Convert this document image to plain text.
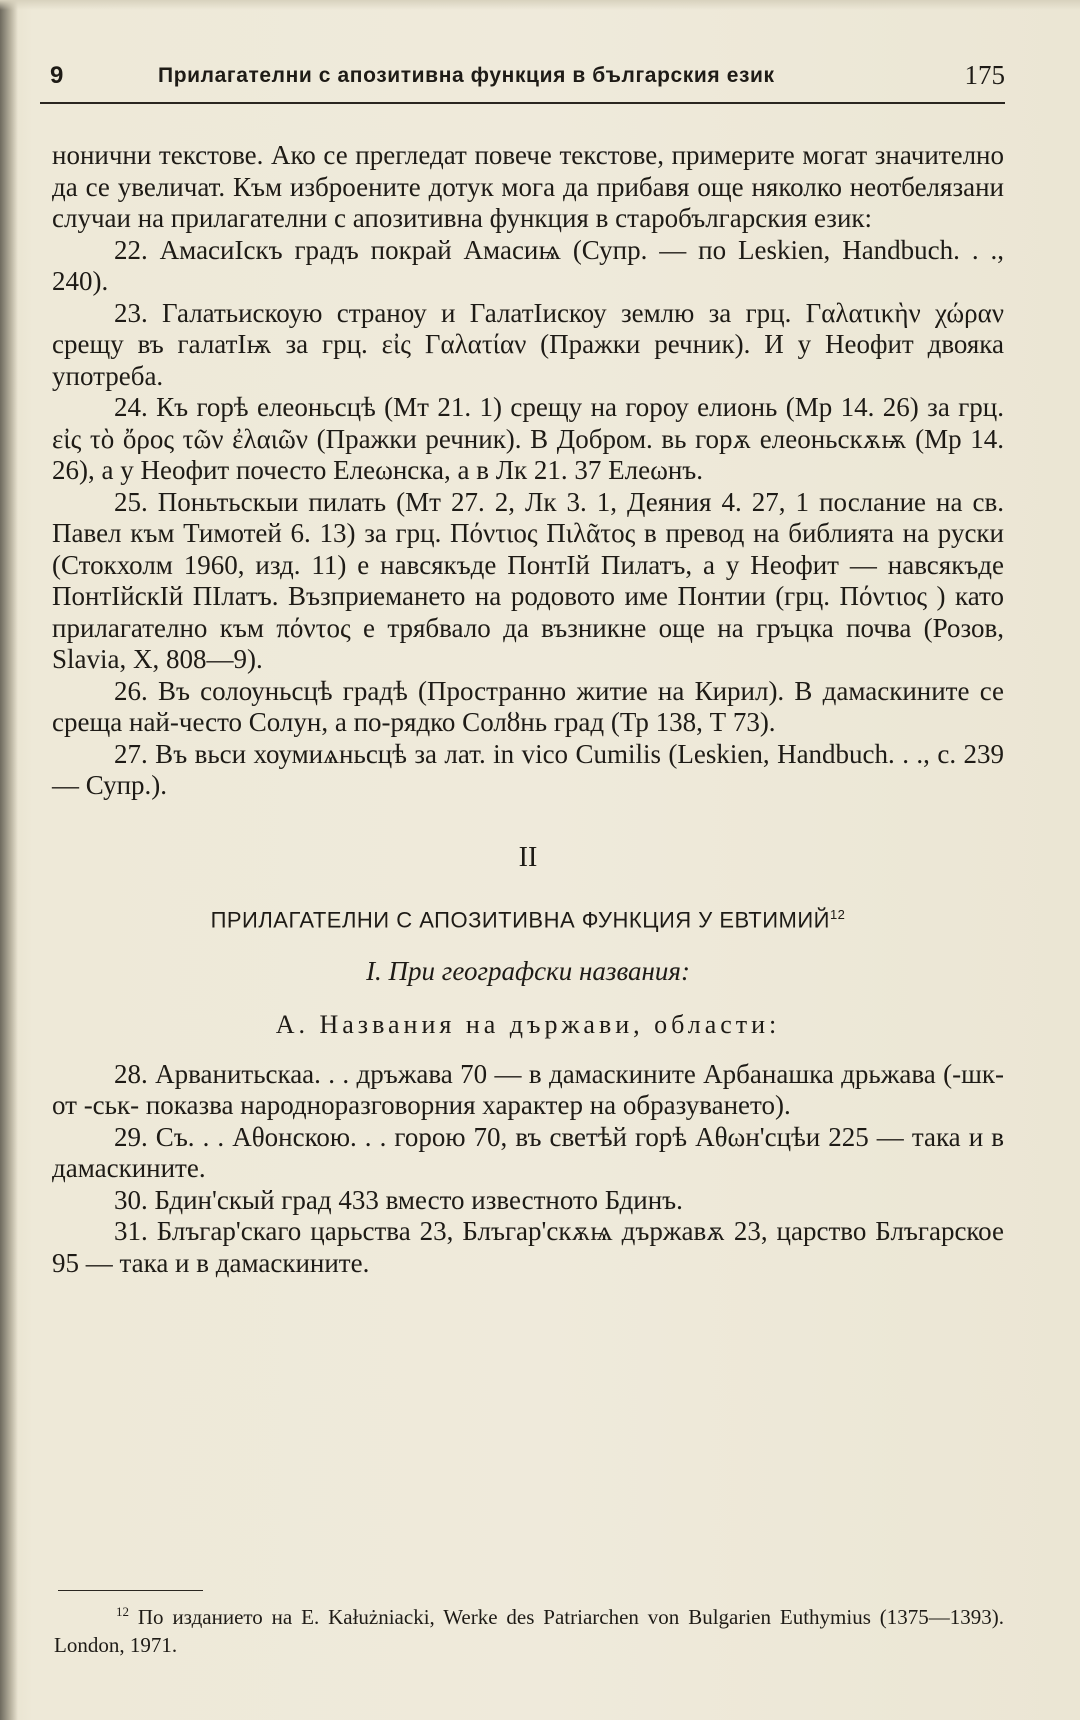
9	Прилагателни с апозитивна функция в българския език	175

нонични текстове. Ако се прегледат повече текстове, примерите могат значително да се увеличат. Към изброените дотук мога да прибавя още няколко неотбелязани случаи на прилагателни с апозитивна функция в старобългарския език:

22. АмасиIскъ градъ покрай Амасиѩ (Супр. — по Leskien, Handbuch. . ., 240).

23. Галатьискоую страноу и ГалатIискоу землю за грц. Γαλατικὴν χώραν срещу въ галатIѭ за грц. εἰς Γαλατίαν (Пражки речник). И у Неофит двояка употреба.

24. Къ горѣ елеоньсцѣ (Мт 21. 1) срещу на гороу елионь (Мр 14. 26) за грц. εἰς τὸ ὄρος τῶν ἐλαιῶν (Пражки речник). В Добром. вь горѫ елеоньскѫѭ (Мр 14. 26), а у Неофит почесто Елеωнска, а в Лк 21. 37 Елеωнъ.

25. Поньтьскыи пилать (Мт 27. 2, Лк 3. 1, Деяния 4. 27, 1 послание на св. Павел към Тимотей 6. 13) за грц. Πόντιος Πιλᾶτος в превод на библията на руски (Стокхолм 1960, изд. 11) е навсякъде ПонтIй Пилатъ, а у Неофит — навсякъде ПонтIйскIй ПIлатъ. Възприемането на родовото име Понтии (грц. Πόντιος ) като прилагателно към πόντος е трябвало да възникне още на гръцка почва (Розов, Slavia, X, 808—9).

26. Въ солоуньсцѣ градѣ (Пространно житие на Кирил). В дамаскините се среща най-често Солун, а по-рядко Солȣнь град (Тр 138, Т 73).

27. Въ вьси хоумиѧньсцѣ за лат. in vico Cumilis (Leskien, Handbuch. . ., с. 239 — Супр.).

II

ПРИЛАГАТЕЛНИ С АПОЗИТИВНА ФУНКЦИЯ У ЕВТИМИЙ$^{12}$

I. При географски названия:

А. Названия на държави, области:

28. Арванитьскаа. . . дръжава 70 — в дамаскините Арбанашка дрьжава (-шк- от -ськ- показва народноразговорния характер на образуването).

29. Съ. . . Аθонскою. . . горою 70, въ светѣй горѣ Аθωн'сцѣи 225 — така и в дамаскините.

30. Бдин'скый град 433 вместо известното Бдинъ.

31. Блъгар'скаго царьства 23, Блъгар'скѫѩ държавѫ 23, царство Блъгарское 95 — така и в дамаскините.

$^{12}$ По изданието на E. Kałużniacki, Werke des Patriarchen von Bulgarien Euthymius (1375—1393). London, 1971.
